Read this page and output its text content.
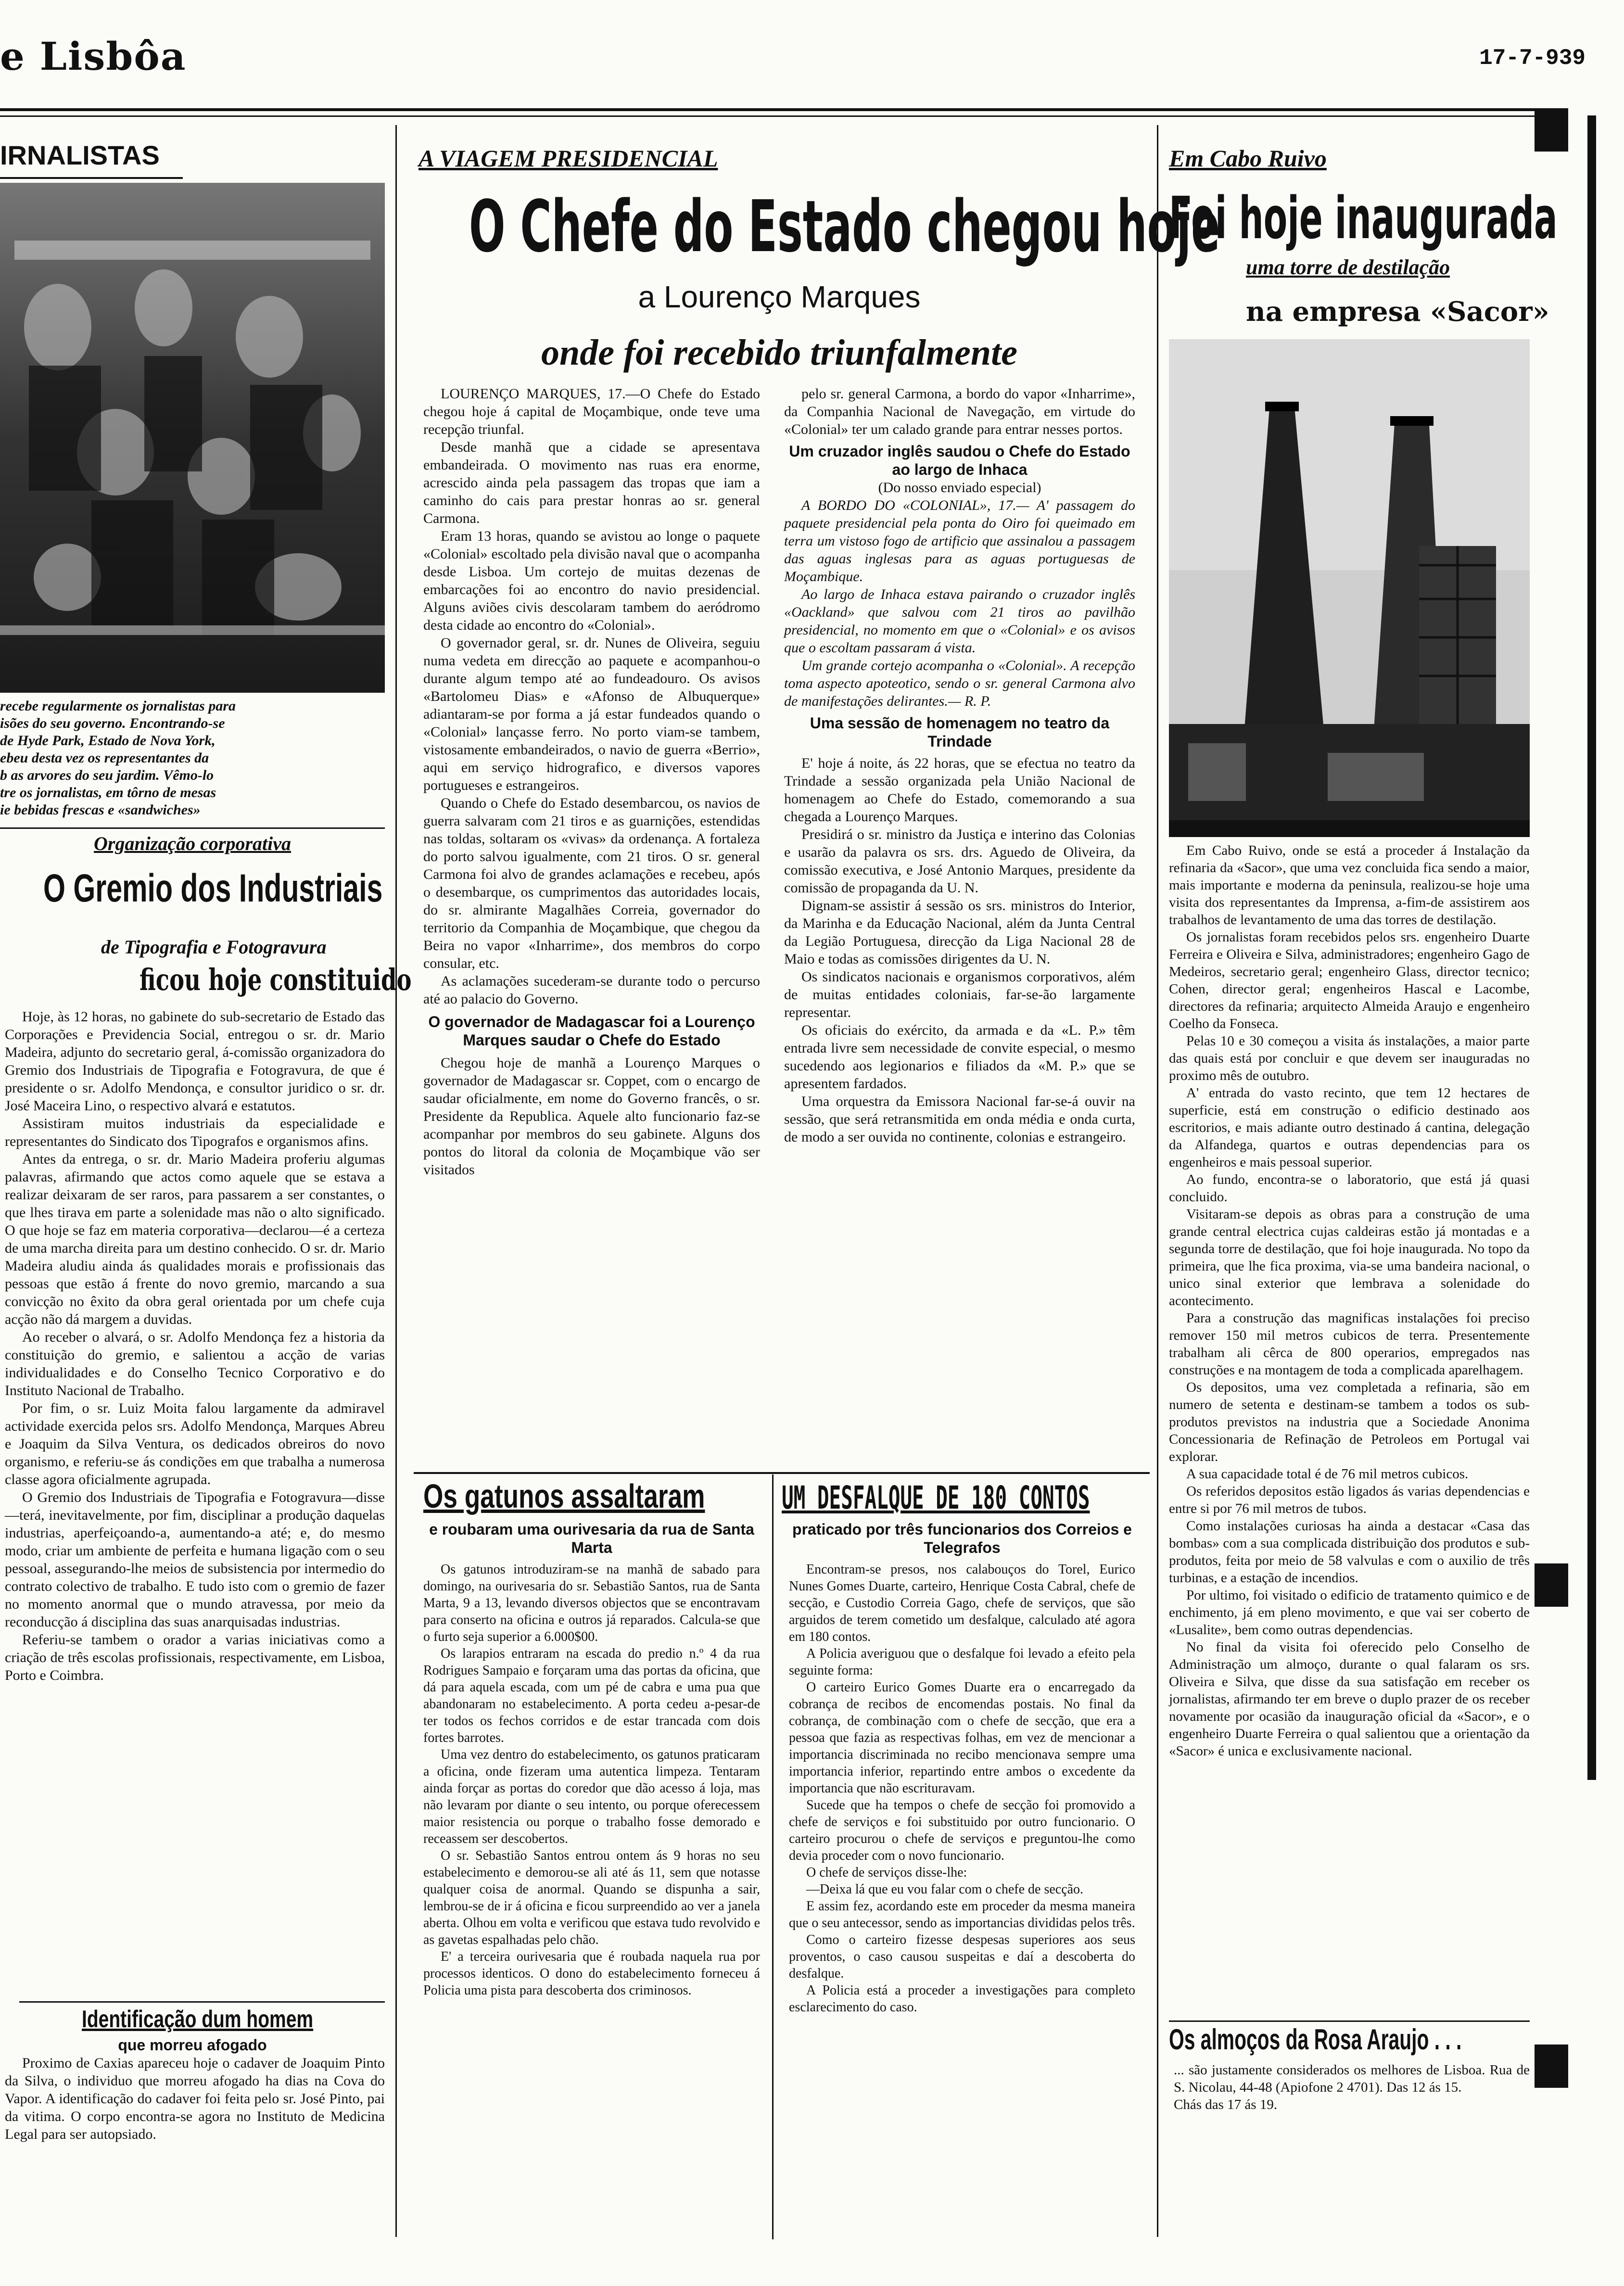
e Lisbôa	17-7-939
IRNALISTAS
recebe regularmente os jornalistas para
isões do seu governo. Encontrando-se
de Hyde Park, Estado de Nova York,
ebeu desta vez os representantes da
b as arvores do seu jardim. Vêmo-lo
tre os jornalistas, em tôrno de mesas
ie bebidas frescas e «sandwiches»
Organização corporativa
O Gremio dos Industriais
de Tipografia e Fotogravura
ficou hoje constituido

Hoje, às 12 horas, no gabinete do sub-secretario de Estado das Corporações e Previdencia Social, entregou o sr. dr. Mario Madeira, adjunto do secretario geral, á-comissão organizadora do Gremio dos Industriais de Tipografia e Fotogravura, de que é presidente o sr. Adolfo Mendonça, e consultor juridico o sr. dr. José Maceira Lino, o respectivo alvará e estatutos.

Assistiram muitos industriais da especialidade e representantes do Sindicato dos Tipografos e organismos afins.

Antes da entrega, o sr. dr. Mario Madeira proferiu algumas palavras, afirmando que actos como aquele que se estava a realizar deixaram de ser raros, para passarem a ser constantes, o que lhes tirava em parte a solenidade mas não o alto significado. O que hoje se faz em materia corporativa—declarou—é a certeza de uma marcha direita para um destino conhecido. O sr. dr. Mario Madeira aludiu ainda ás qualidades morais e profissionais das pessoas que estão á frente do novo gremio, marcando a sua convicção no êxito da obra geral orientada por um chefe cuja acção não dá margem a duvidas.

Ao receber o alvará, o sr. Adolfo Mendonça fez a historia da constituição do gremio, e salientou a acção de varias individualidades e do Conselho Tecnico Corporativo e do Instituto Nacional de Trabalho.

Por fim, o sr. Luiz Moita falou largamente da admiravel actividade exercida pelos srs. Adolfo Mendonça, Marques Abreu e Joaquim da Silva Ventura, os dedicados obreiros do novo organismo, e referiu-se ás condições em que trabalha a numerosa classe agora oficialmente agrupada.

O Gremio dos Industriais de Tipografia e Fotogravura—disse—terá, inevitavelmente, por fim, disciplinar a produção daquelas industrias, aperfeiçoando-a, aumentando-a até; e, do mesmo modo, criar um ambiente de perfeita e humana ligação com o seu pessoal, assegurando-lhe meios de subsistencia por intermedio do contrato colectivo de trabalho. E tudo isto com o gremio de fazer no momento anormal que o mundo atravessa, por meio da reconducção á disciplina das suas anarquisadas industrias.

Referiu-se tambem o orador a varias iniciativas como a criação de três escolas profissionais, respectivamente, em Lisboa, Porto e Coimbra.

Identificação dum homem
que morreu afogado

Proximo de Caxias apareceu hoje o cadaver de Joaquim Pinto da Silva, o individuo que morreu afogado ha dias na Cova do Vapor. A identificação do cadaver foi feita pelo sr. José Pinto, pai da vitima. O corpo encontra-se agora no Instituto de Medicina Legal para ser autopsiado.

A VIAGEM PRESIDENCIAL
O Chefe do Estado chegou hoje
a Lourenço Marques
onde foi recebido triunfalmente

LOURENÇO MARQUES, 17.—O Chefe do Estado chegou hoje á capital de Moçambique, onde teve uma recepção triunfal.

Desde manhã que a cidade se apresentava embandeirada. O movimento nas ruas era enorme, acrescido ainda pela passagem das tropas que iam a caminho do cais para prestar honras ao sr. general Carmona.

Eram 13 horas, quando se avistou ao longe o paquete «Colonial» escoltado pela divisão naval que o acompanha desde Lisboa. Um cortejo de muitas dezenas de embarcações foi ao encontro do navio presidencial. Alguns aviões civis descolaram tambem do aeródromo desta cidade ao encontro do «Colonial».

O governador geral, sr. dr. Nunes de Oliveira, seguiu numa vedeta em direcção ao paquete e acompanhou-o durante algum tempo até ao fundeadouro. Os avisos «Bartolomeu Dias» e «Afonso de Albuquerque» adiantaram-se por forma a já estar fundeados quando o «Colonial» lançasse ferro. No porto viam-se tambem, vistosamente embandeirados, o navio de guerra «Berrio», aqui em serviço hidrografico, e diversos vapores portugueses e estrangeiros.

Quando o Chefe do Estado desembarcou, os navios de guerra salvaram com 21 tiros e as guarnições, estendidas nas toldas, soltaram os «vivas» da ordenança. A fortaleza do porto salvou igualmente, com 21 tiros. O sr. general Carmona foi alvo de grandes aclamações e recebeu, após o desembarque, os cumprimentos das autoridades locais, do sr. almirante Magalhães Correia, governador do territorio da Companhia de Moçambique, que chegou da Beira no vapor «Inharrime», dos membros do corpo consular, etc.

As aclamações sucederam-se durante todo o percurso até ao palacio do Governo.

O governador de Madagascar foi a Lourenço Marques saudar o Chefe do Estado

Chegou hoje de manhã a Lourenço Marques o governador de Madagascar sr. Coppet, com o encargo de saudar oficialmente, em nome do Governo francês, o sr. Presidente da Republica. Aquele alto funcionario faz-se acompanhar por membros do seu gabinete. Alguns dos pontos do litoral da colonia de Moçambique vão ser visitados

pelo sr. general Carmona, a bordo do vapor «Inharrime», da Companhia Nacional de Navegação, em virtude do «Colonial» ter um calado grande para entrar nesses portos.

Um cruzador inglês saudou o Chefe do Estado ao largo de Inhaca
(Do nosso enviado especial)

A BORDO DO «COLONIAL», 17.— A' passagem do paquete presidencial pela ponta do Oiro foi queimado em terra um vistoso fogo de artificio que assinalou a passagem das aguas inglesas para as aguas portuguesas de Moçambique.

Ao largo de Inhaca estava pairando o cruzador inglês «Oackland» que salvou com 21 tiros ao pavilhão presidencial, no momento em que o «Colonial» e os avisos que o escoltam passaram á vista.

Um grande cortejo acompanha o «Colonial». A recepção toma aspecto apoteotico, sendo o sr. general Carmona alvo de manifestações delirantes.— R. P.

Uma sessão de homenagem no teatro da Trindade

E' hoje á noite, ás 22 horas, que se efectua no teatro da Trindade a sessão organizada pela União Nacional de homenagem ao Chefe do Estado, comemorando a sua chegada a Lourenço Marques.

Presidirá o sr. ministro da Justiça e interino das Colonias e usarão da palavra os srs. drs. Aguedo de Oliveira, da comissão executiva, e José Antonio Marques, presidente da comissão de propaganda da U. N.

Dignam-se assistir á sessão os srs. ministros do Interior, da Marinha e da Educação Nacional, além da Junta Central da Legião Portuguesa, direcção da Liga Nacional 28 de Maio e todas as comissões dirigentes da U. N.

Os sindicatos nacionais e organismos corporativos, além de muitas entidades coloniais, far-se-ão largamente representar.

Os oficiais do exército, da armada e da «L. P.» têm entrada livre sem necessidade de convite especial, o mesmo sucedendo aos legionarios e filiados da «M. P.» que se apresentem fardados.

Uma orquestra da Emissora Nacional far-se-á ouvir na sessão, que será retransmitida em onda média e onda curta, de modo a ser ouvida no continente, colonias e estrangeiro.

Os gatunos assaltaram
e roubaram uma ourivesaria da rua de Santa Marta

Os gatunos introduziram-se na manhã de sabado para domingo, na ourivesaria do sr. Sebastião Santos, rua de Santa Marta, 9 a 13, levando diversos objectos que se encontravam para conserto na oficina e outros já reparados. Calcula-se que o furto seja superior a 6.000$00.

Os larapios entraram na escada do predio n.º 4 da rua Rodrigues Sampaio e forçaram uma das portas da oficina, que dá para aquela escada, com um pé de cabra e uma pua que abandonaram no estabelecimento. A porta cedeu a-pesar-de ter todos os fechos corridos e de estar trancada com dois fortes barrotes.

Uma vez dentro do estabelecimento, os gatunos praticaram a oficina, onde fizeram uma autentica limpeza. Tentaram ainda forçar as portas do coredor que dão acesso á loja, mas não levaram por diante o seu intento, ou porque oferecessem maior resistencia ou porque o trabalho fosse demorado e receassem ser descobertos.

O sr. Sebastião Santos entrou ontem ás 9 horas no seu estabelecimento e demorou-se ali até ás 11, sem que notasse qualquer coisa de anormal. Quando se dispunha a sair, lembrou-se de ir á oficina e ficou surpreendido ao ver a janela aberta. Olhou em volta e verificou que estava tudo revolvido e as gavetas espalhadas pelo chão.

E' a terceira ourivesaria que é roubada naquela rua por processos identicos. O dono do estabelecimento forneceu á Policia uma pista para descoberta dos criminosos.

UM DESFALQUE DE 180 CONTOS
praticado por três funcionarios dos Correios e Telegrafos

Encontram-se presos, nos calabouços do Torel, Eurico Nunes Gomes Duarte, carteiro, Henrique Costa Cabral, chefe de secção, e Custodio Correia Gago, chefe de serviços, que são arguidos de terem cometido um desfalque, calculado até agora em 180 contos.

A Policia averiguou que o desfalque foi levado a efeito pela seguinte forma:

O carteiro Eurico Gomes Duarte era o encarregado da cobrança de recibos de encomendas postais. No final da cobrança, de combinação com o chefe de secção, que era a pessoa que fazia as respectivas folhas, em vez de mencionar a importancia discriminada no recibo mencionava sempre uma importancia inferior, repartindo entre ambos o excedente da importancia que não escrituravam.

Sucede que ha tempos o chefe de secção foi promovido a chefe de serviços e foi substituido por outro funcionario. O carteiro procurou o chefe de serviços e preguntou-lhe como devia proceder com o novo funcionario.

O chefe de serviços disse-lhe:

—Deixa lá que eu vou falar com o chefe de secção.

E assim fez, acordando este em proceder da mesma maneira que o seu antecessor, sendo as importancias divididas pelos três.

Como o carteiro fizesse despesas superiores aos seus proventos, o caso causou suspeitas e daí a descoberta do desfalque.

A Policia está a proceder a investigações para completo esclarecimento do caso.

Em Cabo Ruivo
Foi hoje inaugurada
uma torre de destilação
na empresa «Sacor»

Em Cabo Ruivo, onde se está a proceder á Instalação da refinaria da «Sacor», que uma vez concluida fica sendo a maior, mais importante e moderna da peninsula, realizou-se hoje uma visita dos representantes da Imprensa, a-fim-de assistirem aos trabalhos de levantamento de uma das torres de destilação.

Os jornalistas foram recebidos pelos srs. engenheiro Duarte Ferreira e Oliveira e Silva, administradores; engenheiro Gago de Medeiros, secretario geral; engenheiro Glass, director tecnico; Cohen, director geral; engenheiros Hascal e Lacombe, directores da refinaria; arquitecto Almeida Araujo e engenheiro Coelho da Fonseca.

Pelas 10 e 30 começou a visita ás instalações, a maior parte das quais está por concluir e que devem ser inauguradas no proximo mês de outubro.

A' entrada do vasto recinto, que tem 12 hectares de superficie, está em construção o edificio destinado aos escritorios, e mais adiante outro destinado á cantina, delegação da Alfandega, quartos e outras dependencias para os engenheiros e mais pessoal superior.

Ao fundo, encontra-se o laboratorio, que está já quasi concluido.

Visitaram-se depois as obras para a construção de uma grande central electrica cujas caldeiras estão já montadas e a segunda torre de destilação, que foi hoje inaugurada. No topo da primeira, que lhe fica proxima, via-se uma bandeira nacional, o unico sinal exterior que lembrava a solenidade do acontecimento.

Para a construção das magnificas instalações foi preciso remover 150 mil metros cubicos de terra. Presentemente trabalham ali cêrca de 800 operarios, empregados nas construções e na montagem de toda a complicada aparelhagem.

Os depositos, uma vez completada a refinaria, são em numero de setenta e destinam-se tambem a todos os sub-produtos previstos na industria que a Sociedade Anonima Concessionaria de Refinação de Petroleos em Portugal vai explorar.

A sua capacidade total é de 76 mil metros cubicos.

Os referidos depositos estão ligados ás varias dependencias e entre si por 76 mil metros de tubos.

Como instalações curiosas ha ainda a destacar «Casa das bombas» com a sua complicada distribuição dos produtos e sub-produtos, feita por meio de 58 valvulas e com o auxilio de três turbinas, e a estação de incendios.

Por ultimo, foi visitado o edificio de tratamento quimico e de enchimento, já em pleno movimento, e que vai ser coberto de «Lusalite», bem como outras dependencias.

No final da visita foi oferecido pelo Conselho de Administração um almoço, durante o qual falaram os srs. Oliveira e Silva, que disse da sua satisfação em receber os jornalistas, afirmando ter em breve o duplo prazer de os receber novamente por ocasião da inauguração oficial da «Sacor», e o engenheiro Duarte Ferreira o qual salientou que a orientação da «Sacor» é unica e exclusivamente nacional.

Os almoços da Rosa Araujo . . .
... são justamente considerados os melhores de Lisboa. Rua de S. Nicolau, 44-48 (Apiofone 2 4701). Das 12 ás 15.
Chás das 17 ás 19.
